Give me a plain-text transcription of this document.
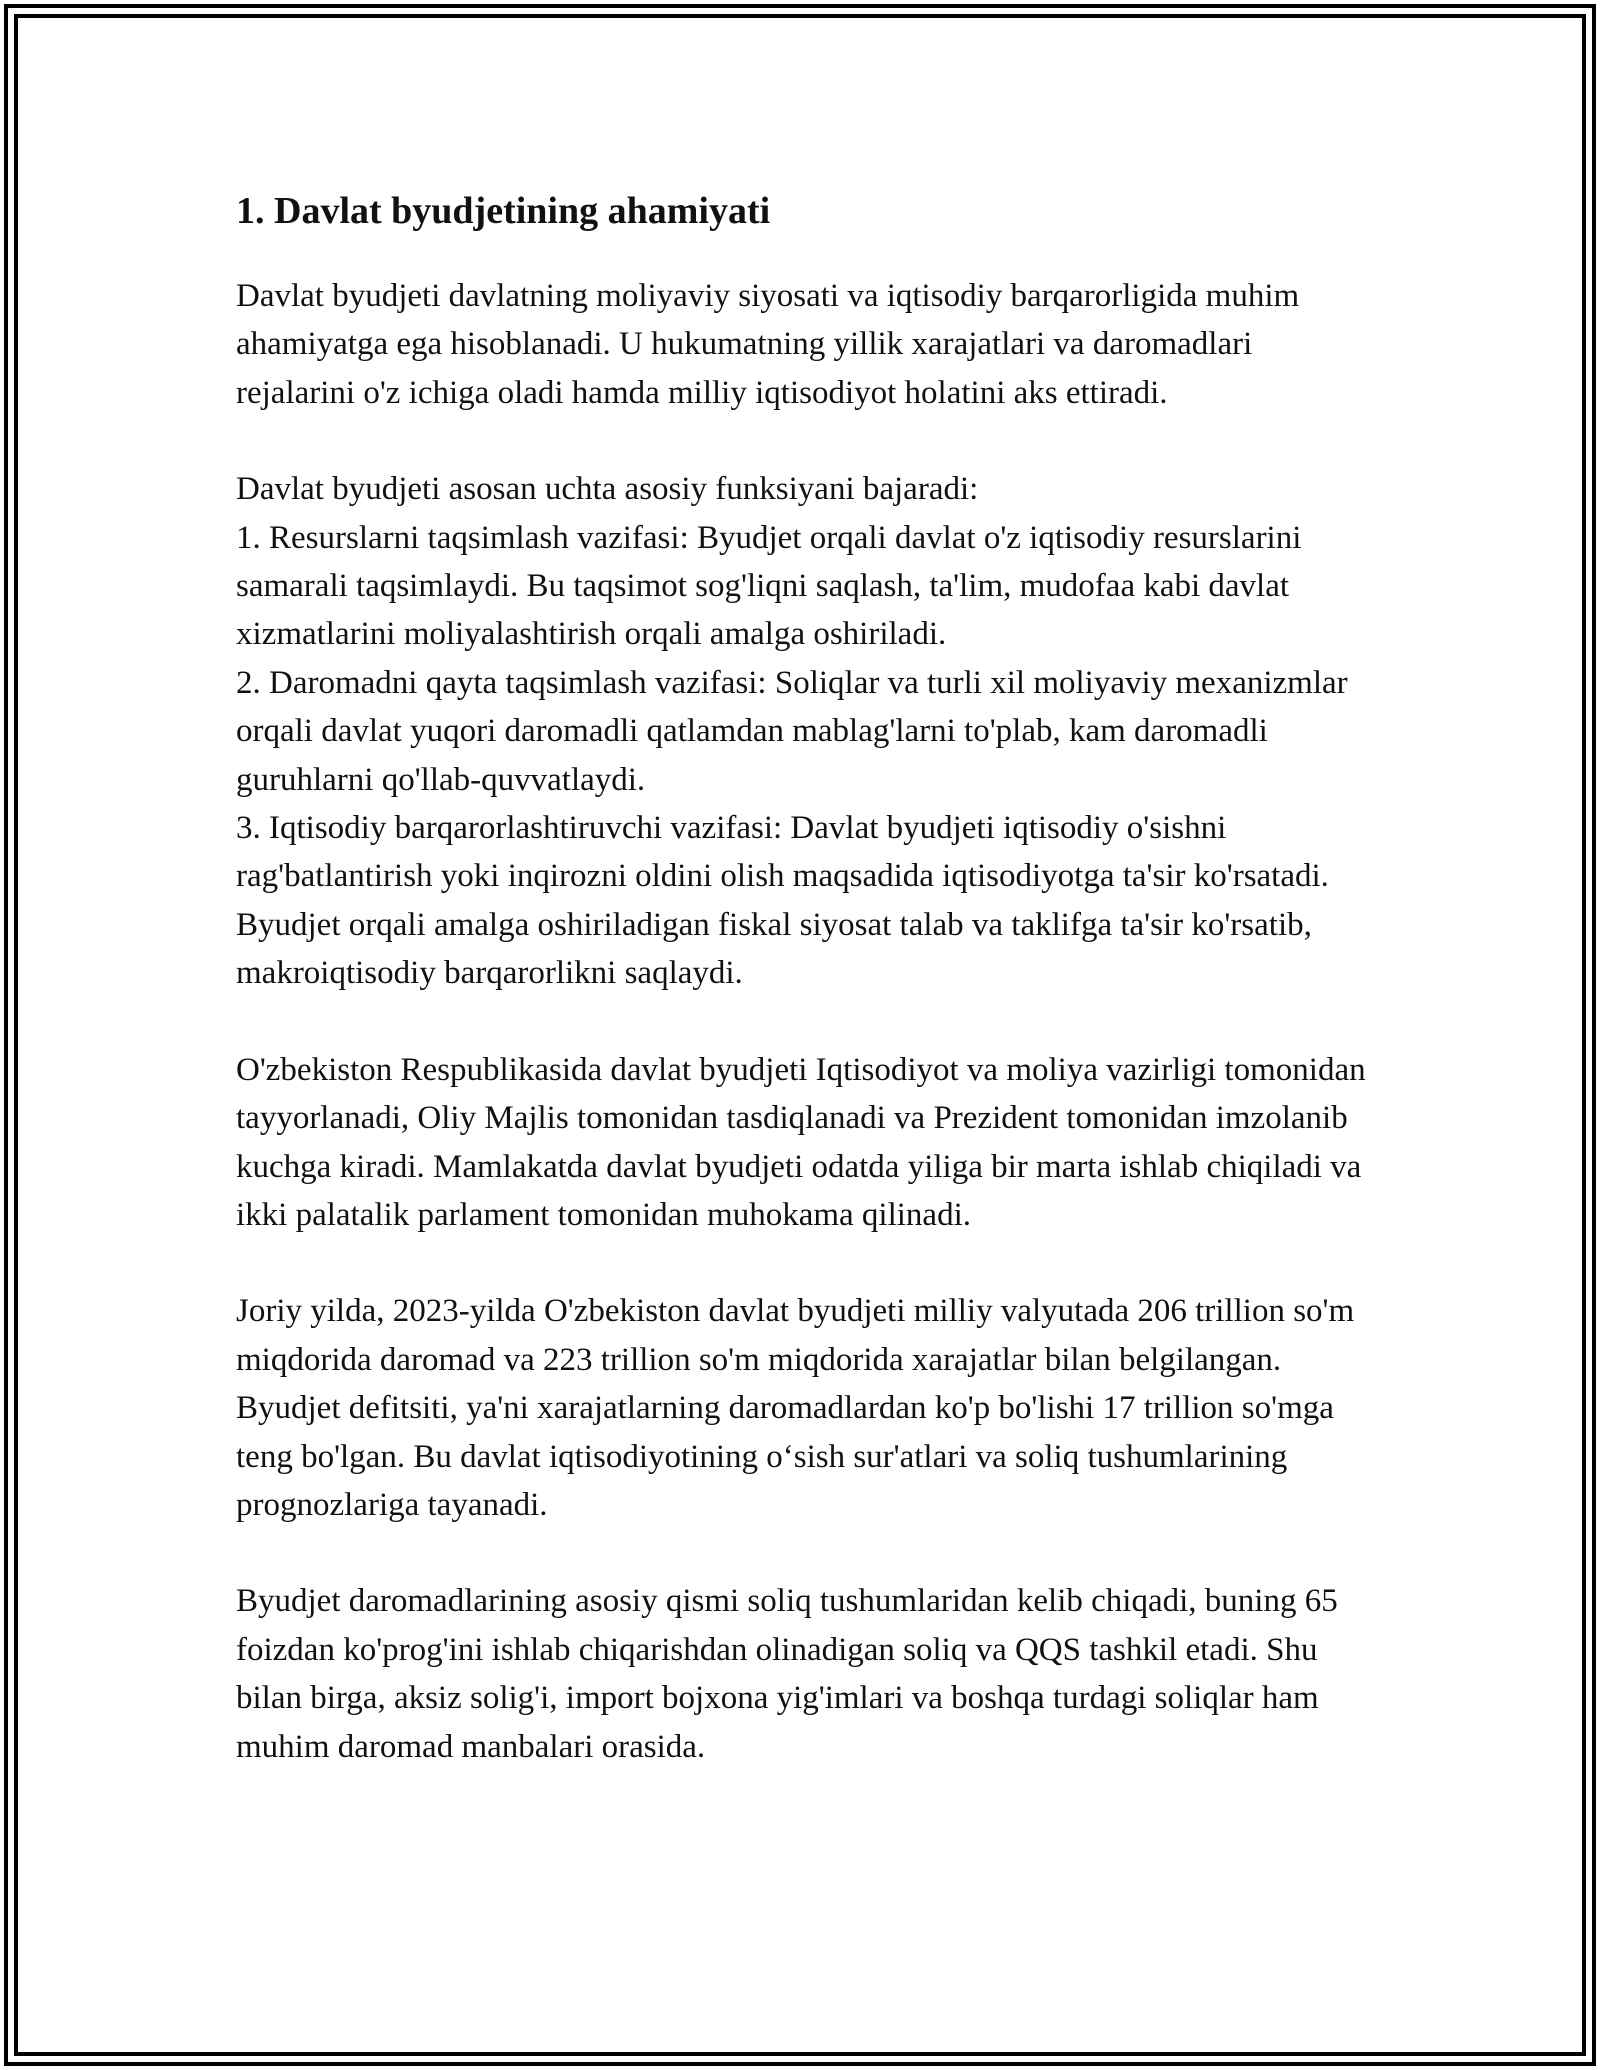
1. Davlat byudjetining ahamiyati

Davlat byudjeti davlatning moliyaviy siyosati va iqtisodiy barqarorligida muhim ahamiyatga ega hisoblanadi. U hukumatning yillik xarajatlari va daromadlari rejalarini o'z ichiga oladi hamda milliy iqtisodiyot holatini aks ettiradi.

Davlat byudjeti asosan uchta asosiy funksiyani bajaradi:

1. Resurslarni taqsimlash vazifasi: Byudjet orqali davlat o'z iqtisodiy resurslarini samarali taqsimlaydi. Bu taqsimot sog'liqni saqlash, ta'lim, mudofaa kabi davlat xizmatlarini moliyalashtirish orqali amalga oshiriladi.

2. Daromadni qayta taqsimlash vazifasi: Soliqlar va turli xil moliyaviy mexanizmlar orqali davlat yuqori daromadli qatlamdan mablag'larni to'plab, kam daromadli guruhlarni qo'llab-quvvatlaydi.

3. Iqtisodiy barqarorlashtiruvchi vazifasi: Davlat byudjeti iqtisodiy o'sishni rag'batlantirish yoki inqirozni oldini olish maqsadida iqtisodiyotga ta'sir ko'rsatadi. Byudjet orqali amalga oshiriladigan fiskal siyosat talab va taklifga ta'sir ko'rsatib, makroiqtisodiy barqarorlikni saqlaydi.

O'zbekiston Respublikasida davlat byudjeti Iqtisodiyot va moliya vazirligi tomonidan tayyorlanadi, Oliy Majlis tomonidan tasdiqlanadi va Prezident tomonidan imzolanib kuchga kiradi. Mamlakatda davlat byudjeti odatda yiliga bir marta ishlab chiqiladi va ikki palatalik parlament tomonidan muhokama qilinadi.

Joriy yilda, 2023-yilda O'zbekiston davlat byudjeti milliy valyutada 206 trillion so'm miqdorida daromad va 223 trillion so'm miqdorida xarajatlar bilan belgilangan. Byudjet defitsiti, ya'ni xarajatlarning daromadlardan ko'p bo'lishi 17 trillion so'mga teng bo'lgan. Bu davlat iqtisodiyotining o‘sish sur'atlari va soliq tushumlarining prognozlariga tayanadi.

Byudjet daromadlarining asosiy qismi soliq tushumlaridan kelib chiqadi, buning 65 foizdan ko'prog'ini ishlab chiqarishdan olinadigan soliq va QQS tashkil etadi. Shu bilan birga, aksiz solig'i, import bojxona yig'imlari va boshqa turdagi soliqlar ham muhim daromad manbalari orasida.
